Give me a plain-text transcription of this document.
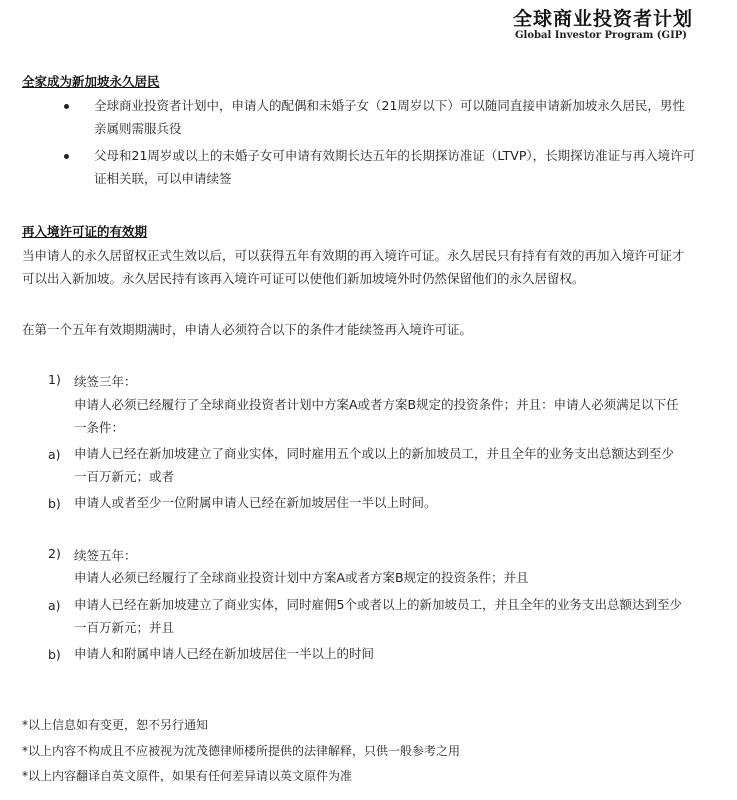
全球商业投资者计划
Global Investor Program (GIP)
全家成为新加坡永久居民
全球商业投资者计划中，申请人的配偶和未婚子女（21周岁以下）可以随同直接申请新加坡永久居民，男性亲属则需服兵役
父母和21周岁或以上的未婚子女可申请有效期长达五年的长期探访准证（LTVP），长期探访准证与再入境许可证相关联，可以申请续签
再入境许可证的有效期
当申请人的永久居留权正式生效以后，可以获得五年有效期的再入境许可证。永久居民只有持有有效的再加入境许可证才可以出入新加坡。永久居民持有该再入境许可证可以使他们新加坡境外时仍然保留他们的永久居留权。
在第一个五年有效期期满时，申请人必须符合以下的条件才能续签再入境许可证。
1) 续签三年：
申请人必须已经履行了全球商业投资者计划中方案A或者方案B规定的投资条件；并且：申请人必须满足以下任一条件：
a) 申请人已经在新加坡建立了商业实体，同时雇用五个或以上的新加坡员工，并且全年的业务支出总额达到至少一百万新元；或者
b) 申请人或者至少一位附属申请人已经在新加坡居住一半以上时间。
2) 续签五年：
申请人必须已经履行了全球商业投资计划中方案A或者方案B规定的投资条件；并且
a) 申请人已经在新加坡建立了商业实体，同时雇佣5个或者以上的新加坡员工，并且全年的业务支出总额达到至少一百万新元；并且
b) 申请人和附属申请人已经在新加坡居住一半以上的时间
*以上信息如有变更，恕不另行通知
*以上内容不构成且不应被视为沈茂德律师楼所提供的法律解释，只供一般参考之用
*以上内容翻译自英文原件，如果有任何差异请以英文原件为准
